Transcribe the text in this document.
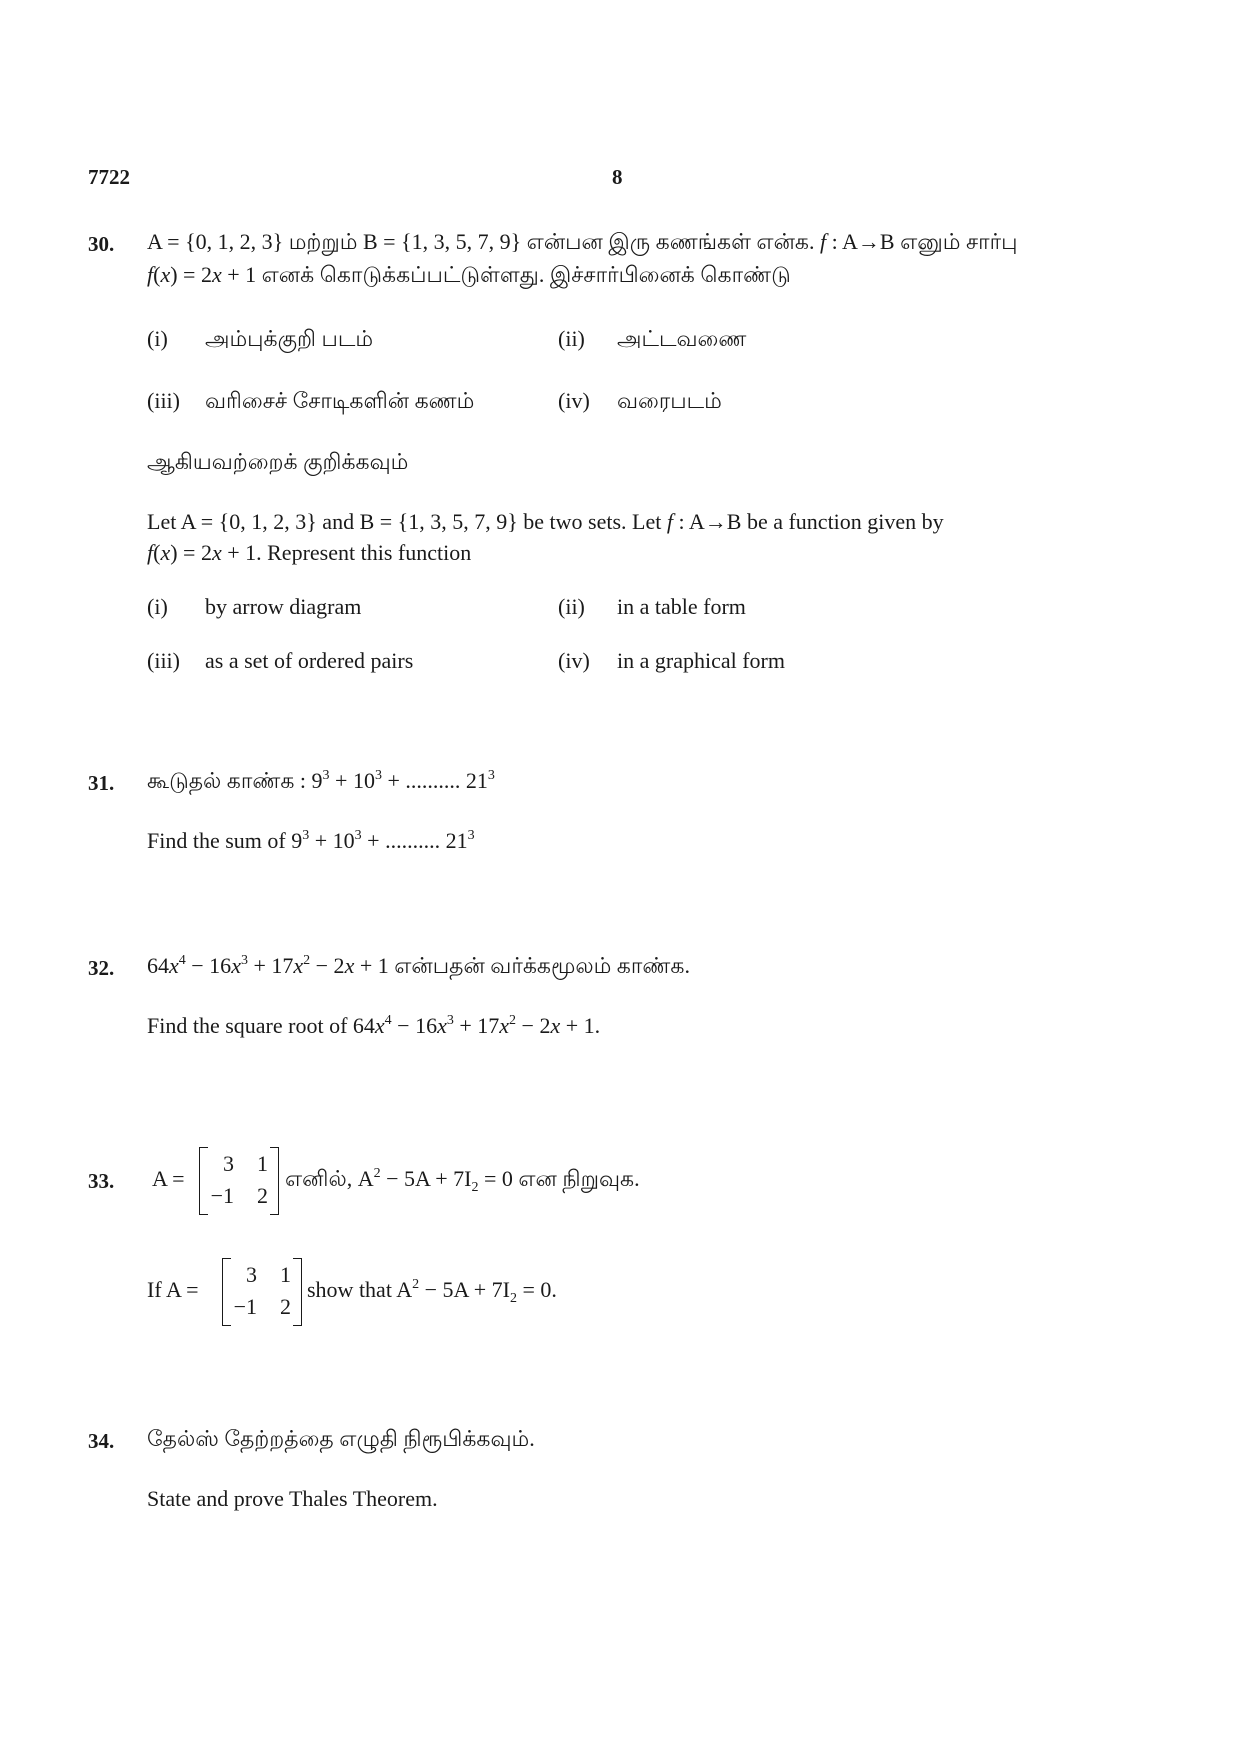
7722	8
30. A = {0, 1, 2, 3} மற்றும் B = {1, 3, 5, 7, 9} என்பன இரு கணங்கள் என்க. f : A→B எனும் சார்பு
f(x) = 2x + 1 எனக் கொடுக்கப்பட்டுள்ளது. இச்சார்பினைக் கொண்டு
(i) அம்புக்குறி படம்	(ii) அட்டவணை
(iii) வரிசைச் சோடிகளின் கணம்	(iv) வரைபடம்
ஆகியவற்றைக் குறிக்கவும்
Let A = {0, 1, 2, 3} and B = {1, 3, 5, 7, 9} be two sets. Let f : A→B be a function given by
f(x) = 2x + 1. Represent this function
(i) by arrow diagram	(ii) in a table form
(iii) as a set of ordered pairs	(iv) in a graphical form
31. கூடுதல் காண்க : $9^3 + 10^3$ + .......... $21^3$
Find the sum of $9^3 + 10^3$ + .......... $21^3$
32. $64x^4 - 16x^3 + 17x^2 - 2x + 1$ என்பதன் வர்க்கமூலம் காண்க.
Find the square root of $64x^4 - 16x^3 + 17x^2 - 2x + 1$.
33. A =
3	1
−1	2
எனில், $A^2 - 5A + 7I_2 = 0$ என நிறுவுக.
If A =
3	1
−1	2
show that $A^2 - 5A + 7I_2 = 0$.
34. தேல்ஸ் தேற்றத்தை எழுதி நிரூபிக்கவும்.
State and prove Thales Theorem.
